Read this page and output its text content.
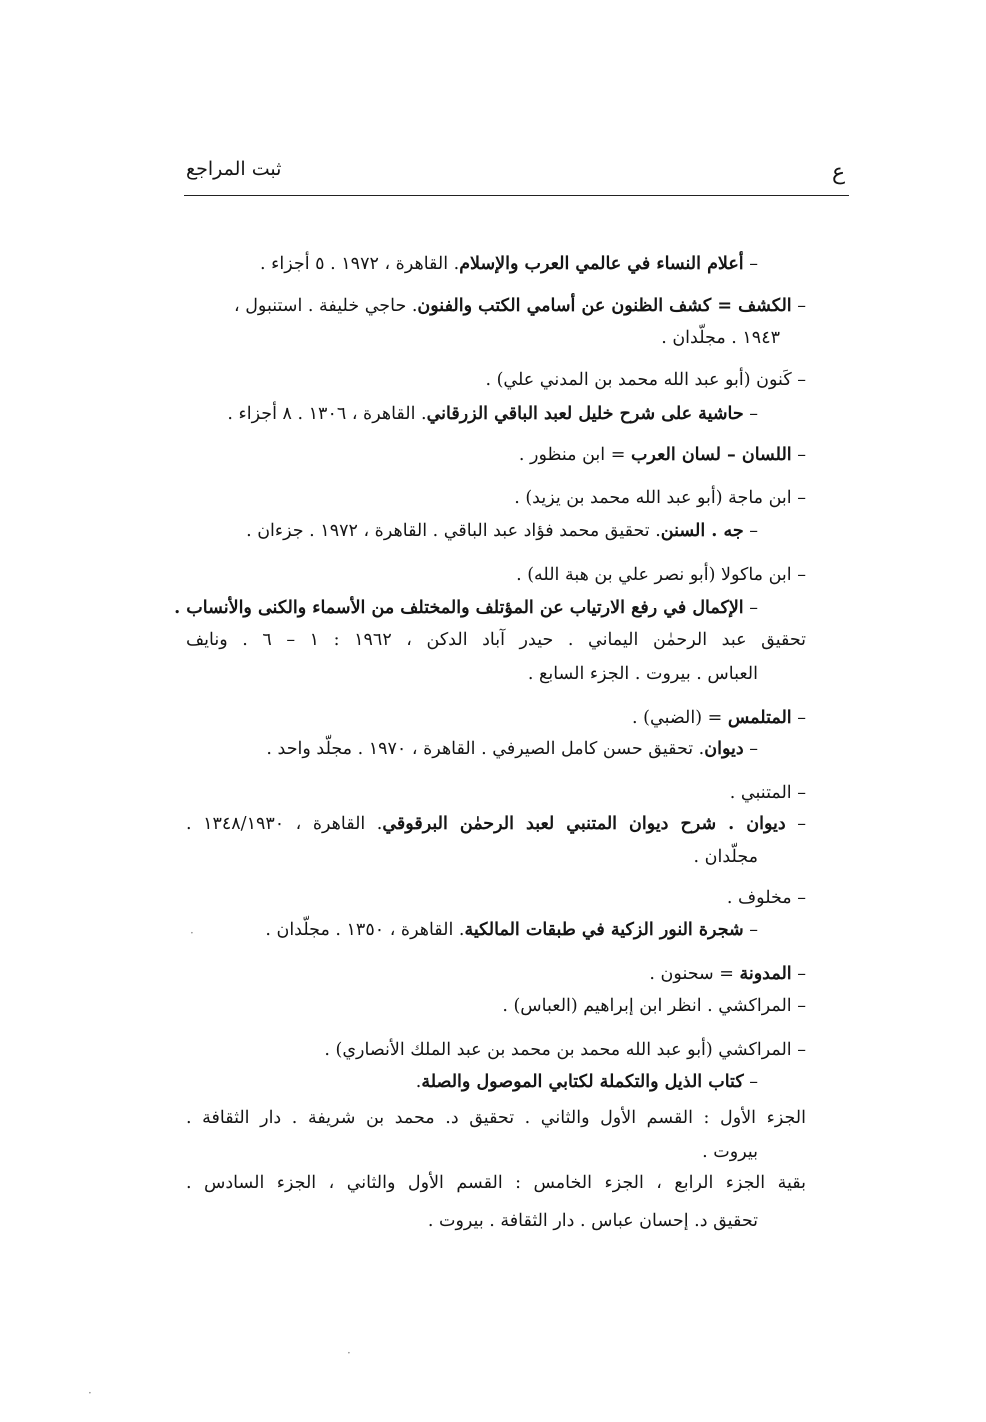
ثبت المراجع	ع
– أعلام النساء في عالمي العرب والإسلام. القاهرة ، ١٩٧٢ . ٥ أجزاء .
– الكشف = كشف الظنون عن أسامي الكتب والفنون. حاجي خليفة . استنبول ،
١٩٤٣ . مجلّدان .
– كَنون (أبو عبد الله محمد بن المدني علي) .
– حاشية على شرح خليل لعبد الباقي الزرقاني. القاهرة ، ١٣٠٦ . ٨ أجزاء .
– اللسان – لسان العرب = ابن منظور .
– ابن ماجة (أبو عبد الله محمد بن يزيد) .
– جه . السنن. تحقيق محمد فؤاد عبد الباقي . القاهرة ، ١٩٧٢ . جزءان .
– ابن ماكولا (أبو نصر علي بن هبة الله) .
– الإكمال في رفع الارتياب عن المؤتلف والمختلف من الأسماء والكنى والأنساب .
تحقيق عبد الرحمٰن اليماني . حيدر آباد الدكن ، ١٩٦٢ : ١ – ٦ . ونايف
العباس . بيروت . الجزء السابع .
– المتلمس = (الضبي) .
– ديوان. تحقيق حسن كامل الصيرفي . القاهرة ، ١٩٧٠ . مجلّد واحد .
– المتنبي .
– ديوان . شرح ديوان المتنبي لعبد الرحمٰن البرقوقي. القاهرة ، ١٣٤٨/١٩٣٠ .
مجلّدان .
– مخلوف .
– شجرة النور الزكية في طبقات المالكية. القاهرة ، ١٣٥٠ . مجلّدان .
– المدونة = سحنون .
– المراكشي . انظر ابن إبراهيم (العباس) .
– المراكشي (أبو عبد الله محمد بن محمد بن عبد الملك الأنصاري) .
– كتاب الذيل والتكملة لكتابي الموصول والصلة.
الجزء الأول : القسم الأول والثاني . تحقيق د. محمد بن شريفة . دار الثقافة .
بيروت .
بقية الجزء الرابع ، الجزء الخامس : القسم الأول والثاني ، الجزء السادس .
تحقيق د. إحسان عباس . دار الثقافة . بيروت .
·
·
·
